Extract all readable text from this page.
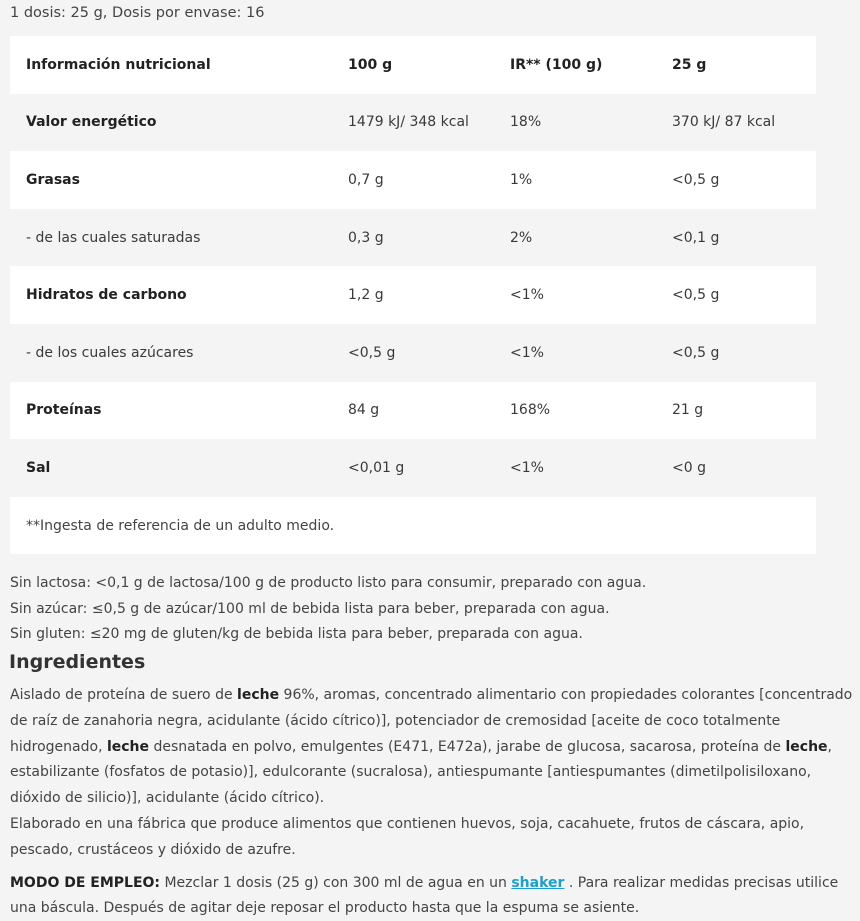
1 dosis: 25 g, Dosis por envase: 16
Información nutricional	100 g	IR** (100 g)	25 g
Valor energético	1479 kJ/ 348 kcal	18%	370 kJ/ 87 kcal
Grasas	0,7 g	1%	<0,5 g
- de las cuales saturadas	0,3 g	2%	<0,1 g
Hidratos de carbono	1,2 g	<1%	<0,5 g
- de los cuales azúcares	<0,5 g	<1%	<0,5 g
Proteínas	84 g	168%	21 g
Sal	<0,01 g	<1%	<0 g
**Ingesta de referencia de un adulto medio.			
Sin lactosa: <0,1 g de lactosa/100 g de producto listo para consumir, preparado con agua.
Sin azúcar: ≤0,5 g de azúcar/100 ml de bebida lista para beber, preparada con agua.
Sin gluten: ≤20 mg de gluten/kg de bebida lista para beber, preparada con agua.
Ingredientes
Aislado de proteína de suero de leche 96%, aromas, concentrado alimentario con propiedades colorantes [concentrado de raíz de zanahoria negra, acidulante (ácido cítrico)], potenciador de cremosidad [aceite de coco totalmente hidrogenado, leche desnatada en polvo, emulgentes (E471, E472a), jarabe de glucosa, sacarosa, proteína de leche, estabilizante (fosfatos de potasio)], edulcorante (sucralosa), antiespumante [antiespumantes (dimetilpolisiloxano, dióxido de silicio)], acidulante (ácido cítrico).
Elaborado en una fábrica que produce alimentos que contienen huevos, soja, cacahuete, frutos de cáscara, apio, pescado, crustáceos y dióxido de azufre.
MODO DE EMPLEO: Mezclar 1 dosis (25 g) con 300 ml de agua en un shaker . Para realizar medidas precisas utilice una báscula. Después de agitar deje reposar el producto hasta que la espuma se asiente.
